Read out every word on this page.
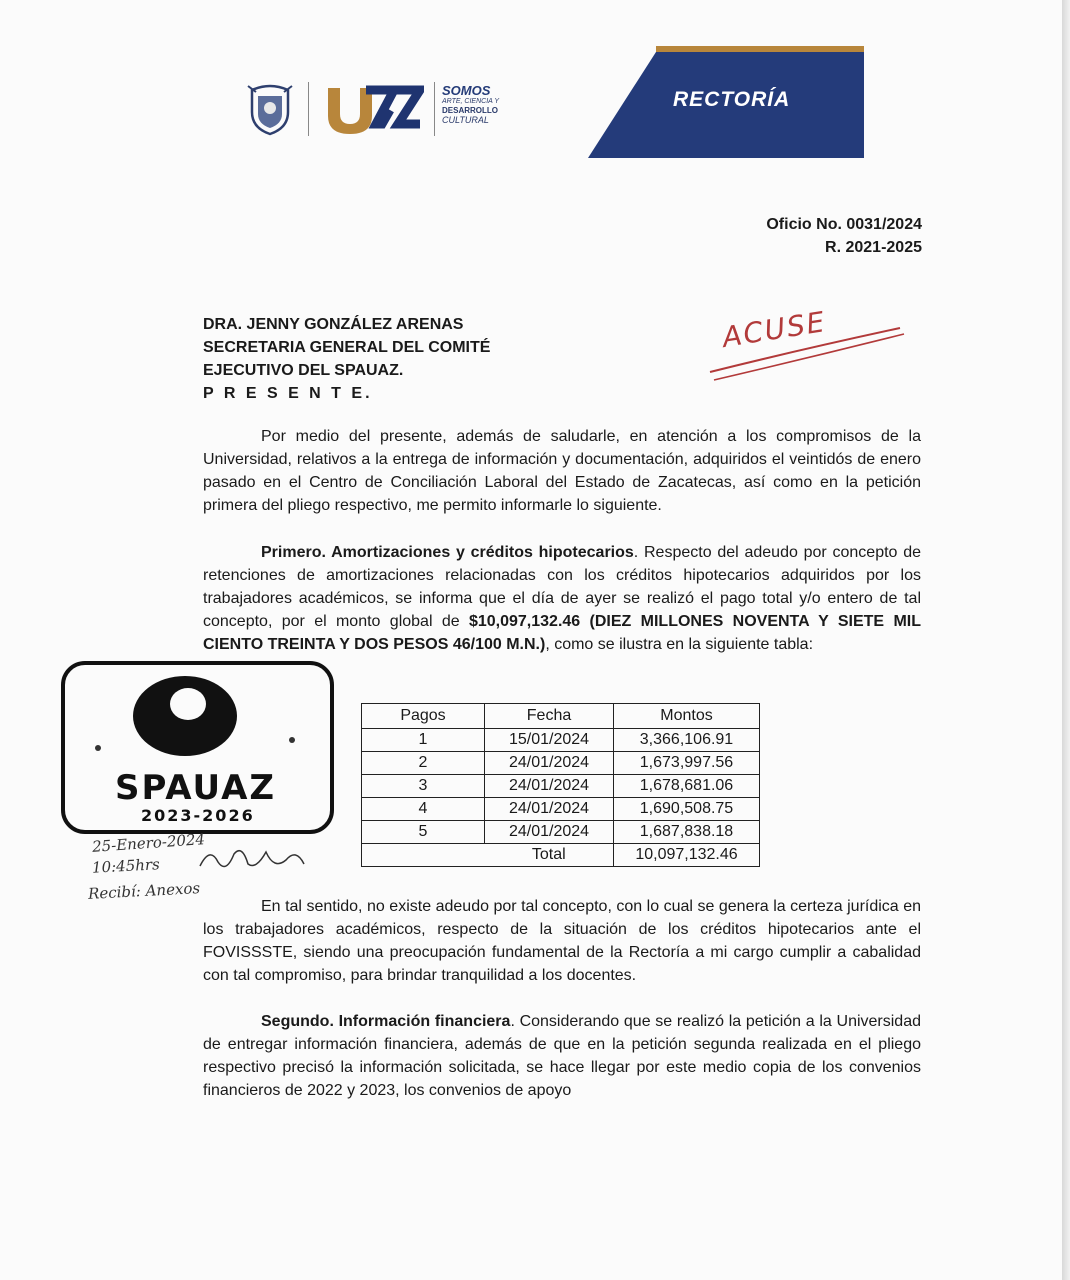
SOMOS
ARTE, CIENCIA Y
DESARROLLO
CULTURAL
RECTORÍA
Oficio No. 0031/2024
R. 2021-2025
DRA. JENNY GONZÁLEZ ARENAS
SECRETARIA GENERAL DEL COMITÉ
EJECUTIVO DEL SPAUAZ.
P R E S E N T E.
ACUSE
Por medio del presente, además de saludarle, en atención a los compromisos de la Universidad, relativos a la entrega de información y documentación, adquiridos el veintidós de enero pasado en el Centro de Conciliación Laboral del Estado de Zacatecas, así como en la petición primera del pliego respectivo, me permito informarle lo siguiente.
Primero. Amortizaciones y créditos hipotecarios. Respecto del adeudo por concepto de retenciones de amortizaciones relacionadas con los créditos hipotecarios adquiridos por los trabajadores académicos, se informa que el día de ayer se realizó el pago total y/o entero de tal concepto, por el monto global de $10,097,132.46 (DIEZ MILLONES NOVENTA Y SIETE MIL CIENTO TREINTA Y DOS PESOS 46/100 M.N.), como se ilustra en la siguiente tabla:
SPAUAZ
2023-2026
Pagos	Fecha	Montos
1	15/01/2024	3,366,106.91
2	24/01/2024	1,673,997.56
3	24/01/2024	1,678,681.06
4	24/01/2024	1,690,508.75
5	24/01/2024	1,687,838.18
	Total	10,097,132.46
25-Enero-2024
10:45hrs
Recibí: Anexos
En tal sentido, no existe adeudo por tal concepto, con lo cual se genera la certeza jurídica en los trabajadores académicos, respecto de la situación de los créditos hipotecarios ante el FOVISSSTE, siendo una preocupación fundamental de la Rectoría a mi cargo cumplir a cabalidad con tal compromiso, para brindar tranquilidad a los docentes.
Segundo. Información financiera. Considerando que se realizó la petición a la Universidad de entregar información financiera, además de que en la petición segunda realizada en el pliego respectivo precisó la información solicitada, se hace llegar por este medio copia de los convenios financieros de 2022 y 2023, los convenios de apoyo
